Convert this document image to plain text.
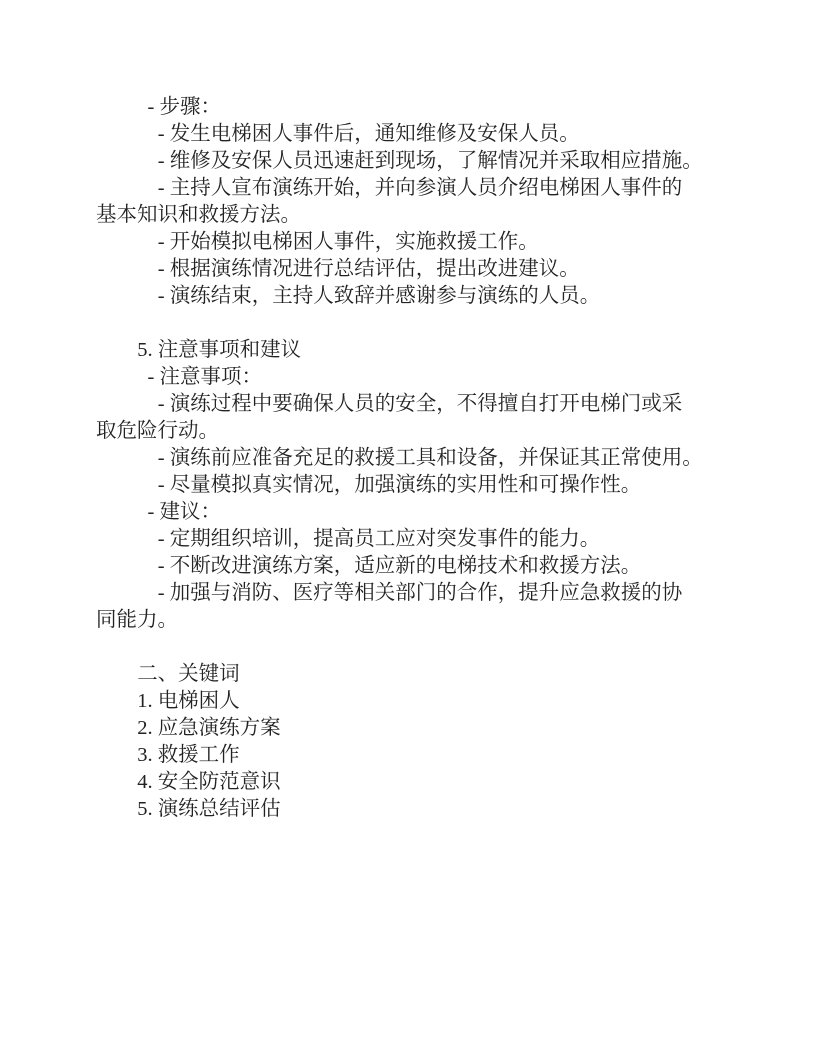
- 步骤：
- 发生电梯困人事件后，通知维修及安保人员。
- 维修及安保人员迅速赶到现场，了解情况并采取相应措施。
- 主持人宣布演练开始，并向参演人员介绍电梯困人事件的
基本知识和救援方法。
- 开始模拟电梯困人事件，实施救援工作。
- 根据演练情况进行总结评估，提出改进建议。
- 演练结束，主持人致辞并感谢参与演练的人员。
5. 注意事项和建议
- 注意事项：
- 演练过程中要确保人员的安全，不得擅自打开电梯门或采
取危险行动。
- 演练前应准备充足的救援工具和设备，并保证其正常使用。
- 尽量模拟真实情况，加强演练的实用性和可操作性。
- 建议：
- 定期组织培训，提高员工应对突发事件的能力。
- 不断改进演练方案，适应新的电梯技术和救援方法。
- 加强与消防、医疗等相关部门的合作，提升应急救援的协
同能力。
二、关键词
1. 电梯困人
2. 应急演练方案
3. 救援工作
4. 安全防范意识
5. 演练总结评估
